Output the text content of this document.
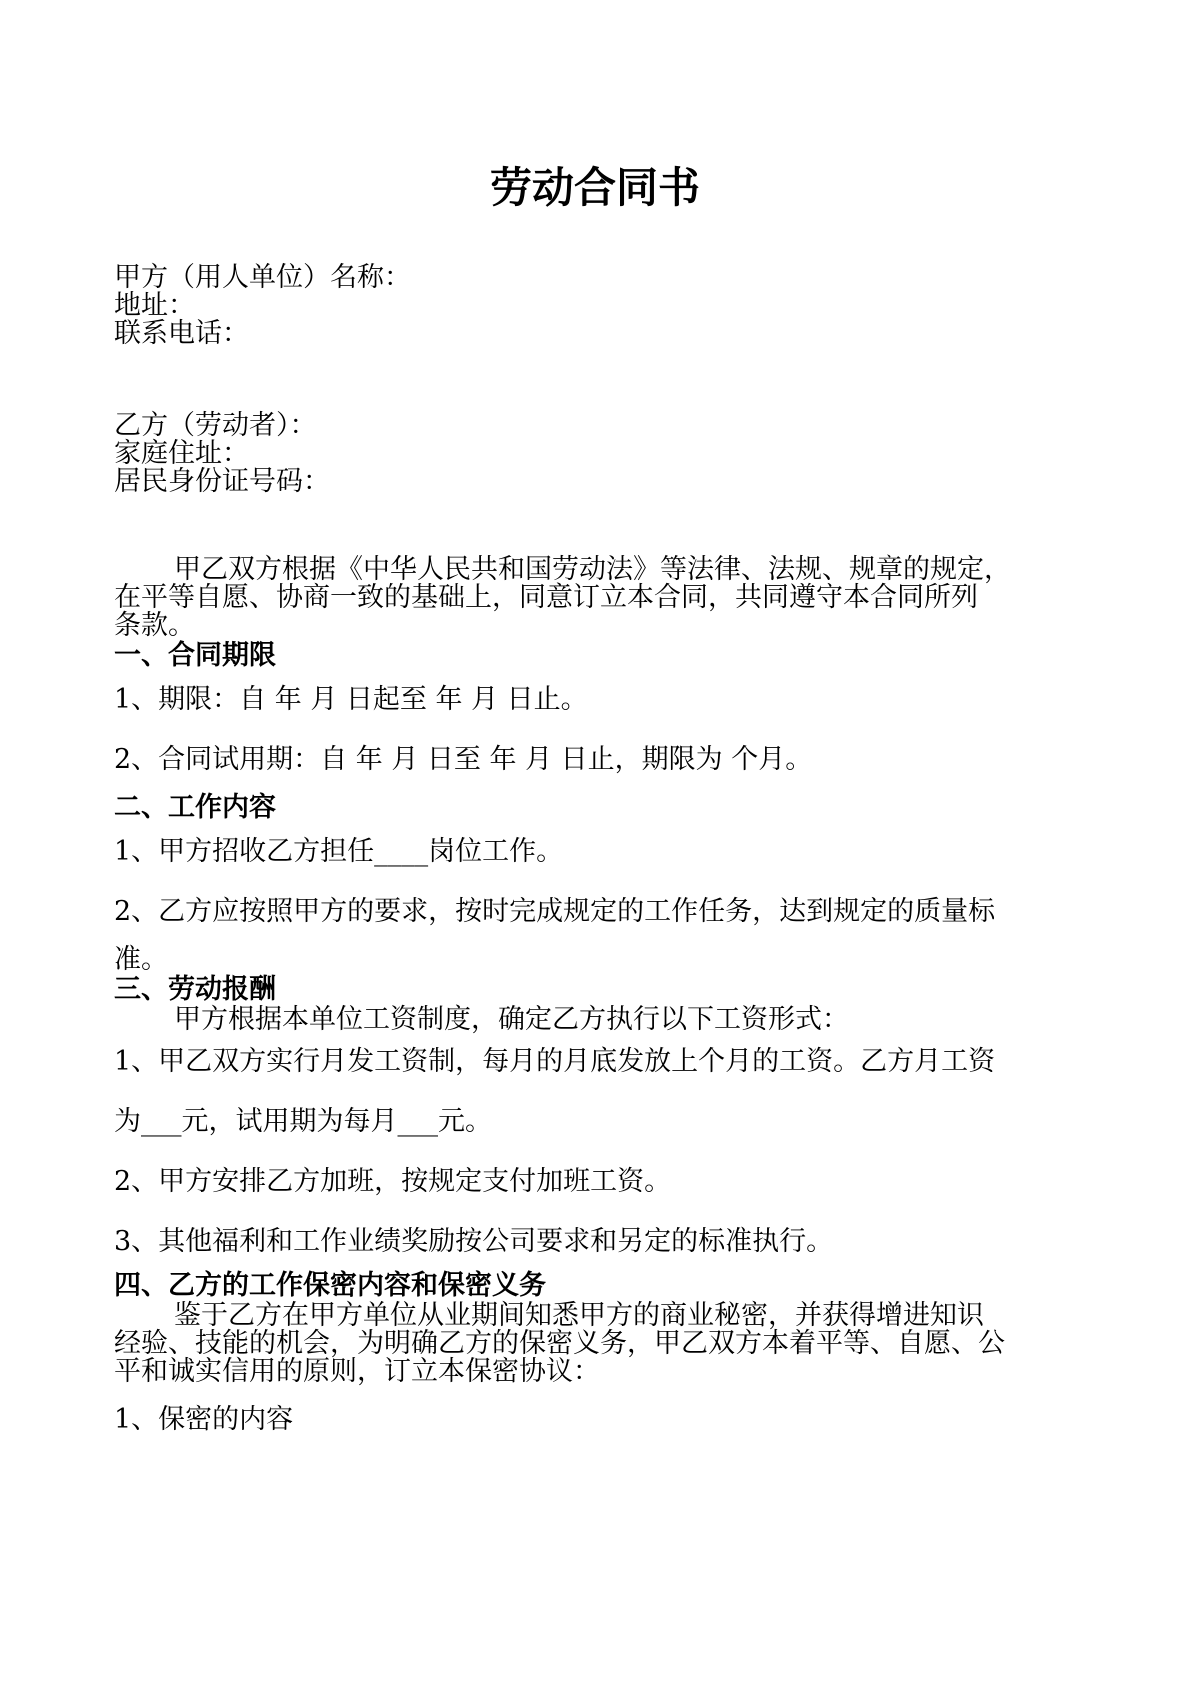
劳动合同书
甲方（用人单位）名称：
地址：
联系电话：
乙方（劳动者）：
家庭住址：
居民身份证号码：
甲乙双方根据《中华人民共和国劳动法》等法律、法规、规章的规定，
在平等自愿、协商一致的基础上，同意订立本合同，共同遵守本合同所列
条款。
一、合同期限
1、期限：自 年 月 日起至 年 月 日止。
2、合同试用期：自 年 月 日至 年 月 日止，期限为 个月。
二、工作内容
1、甲方招收乙方担任____岗位工作。
2、乙方应按照甲方的要求，按时完成规定的工作任务，达到规定的质量标
准。
三、劳动报酬
甲方根据本单位工资制度，确定乙方执行以下工资形式：
1、甲乙双方实行月发工资制，每月的月底发放上个月的工资。乙方月工资
为___元，试用期为每月___元。
2、甲方安排乙方加班，按规定支付加班工资。
3、其他福利和工作业绩奖励按公司要求和另定的标准执行。
四、乙方的工作保密内容和保密义务
鉴于乙方在甲方单位从业期间知悉甲方的商业秘密，并获得增进知识
经验、技能的机会，为明确乙方的保密义务，甲乙双方本着平等、自愿、公
平和诚实信用的原则，订立本保密协议：
1、保密的内容
